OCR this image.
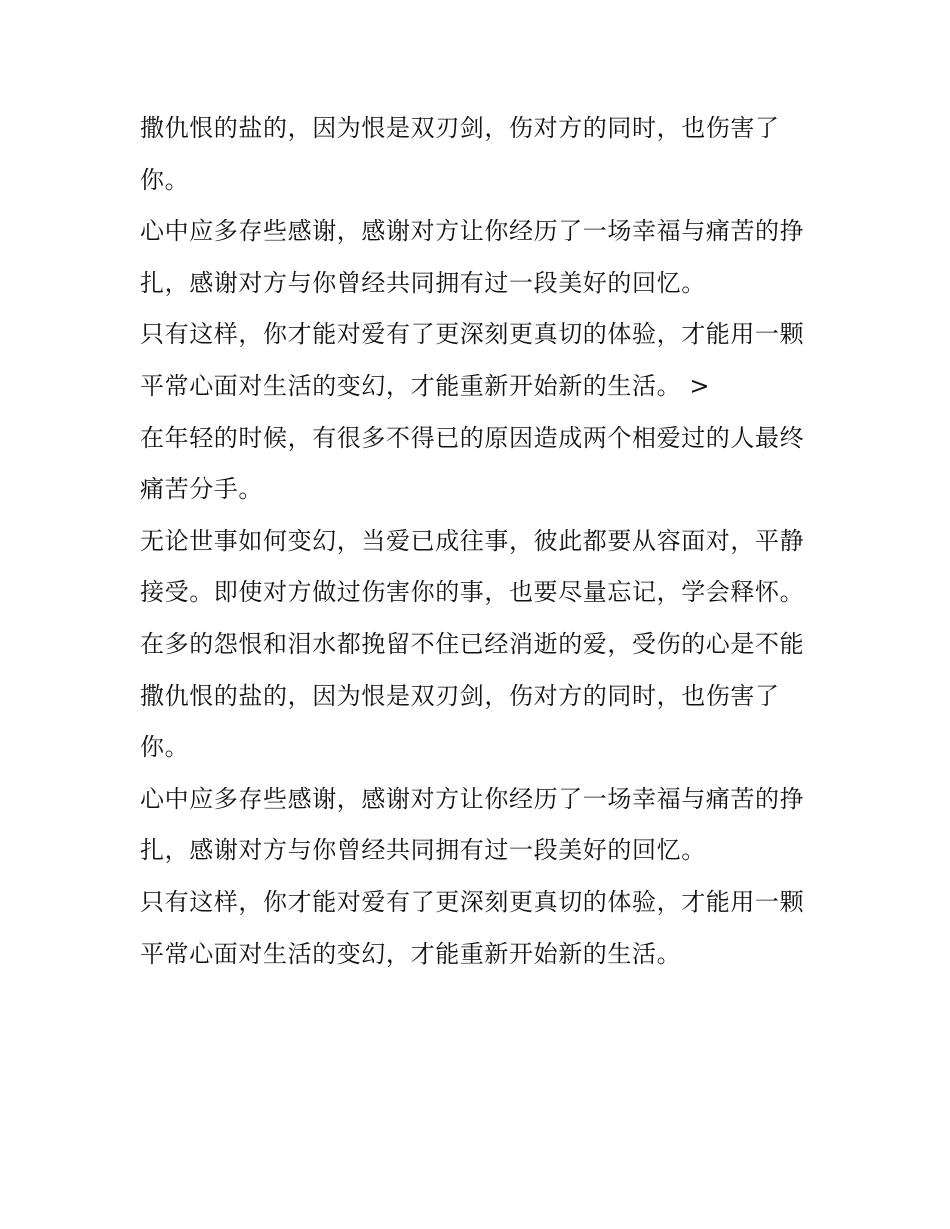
撒仇恨的盐的，因为恨是双刃剑，伤对方的同时，也伤害了
你。
心中应多存些感谢，感谢对方让你经历了一场幸福与痛苦的挣
扎，感谢对方与你曾经共同拥有过一段美好的回忆。
只有这样，你才能对爱有了更深刻更真切的体验，才能用一颗
平常心面对生活的变幻，才能重新开始新的生活。 >
在年轻的时候，有很多不得已的原因造成两个相爱过的人最终
痛苦分手。
无论世事如何变幻，当爱已成往事，彼此都要从容面对，平静
接受。即使对方做过伤害你的事，也要尽量忘记，学会释怀。
在多的怨恨和泪水都挽留不住已经消逝的爱，受伤的心是不能
撒仇恨的盐的，因为恨是双刃剑，伤对方的同时，也伤害了
你。
心中应多存些感谢，感谢对方让你经历了一场幸福与痛苦的挣
扎，感谢对方与你曾经共同拥有过一段美好的回忆。
只有这样，你才能对爱有了更深刻更真切的体验，才能用一颗
平常心面对生活的变幻，才能重新开始新的生活。
